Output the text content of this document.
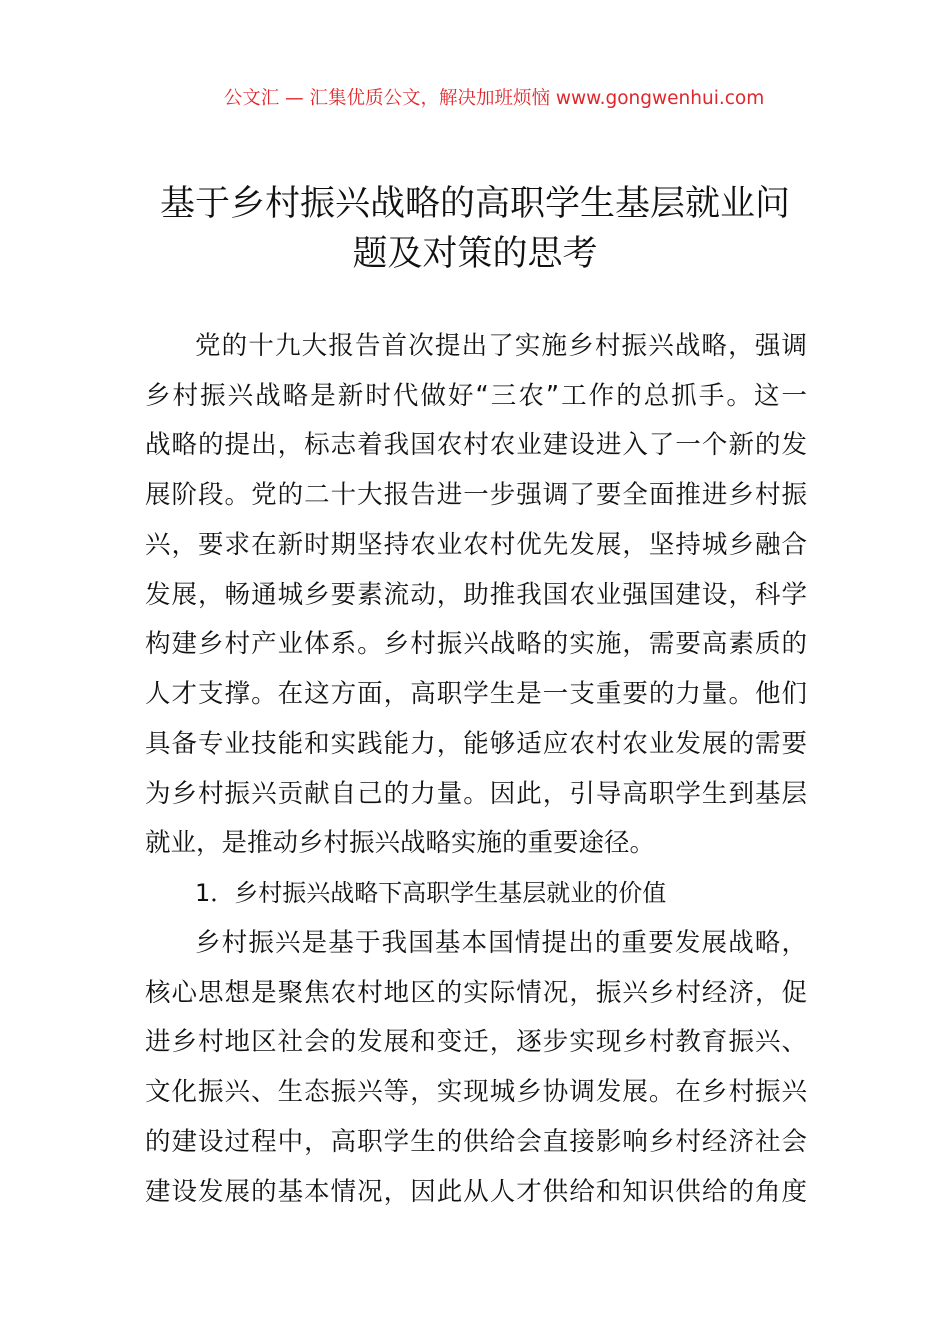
公文汇 — 汇集优质公文，解决加班烦恼 www.gongwenhui.com
基于乡村振兴战略的高职学生基层就业问
题及对策的思考
党的十九大报告首次提出了实施乡村振兴战略，强调
乡村振兴战略是新时代做好“三农”工作的总抓手。这一
战略的提出，标志着我国农村农业建设进入了一个新的发
展阶段。党的二十大报告进一步强调了要全面推进乡村振
兴，要求在新时期坚持农业农村优先发展，坚持城乡融合
发展，畅通城乡要素流动，助推我国农业强国建设，科学
构建乡村产业体系。乡村振兴战略的实施，需要高素质的
人才支撑。在这方面，高职学生是一支重要的力量。他们
具备专业技能和实践能力，能够适应农村农业发展的需要
为乡村振兴贡献自己的力量。因此，引导高职学生到基层
就业，是推动乡村振兴战略实施的重要途径。
1．乡村振兴战略下高职学生基层就业的价值
乡村振兴是基于我国基本国情提出的重要发展战略，
核心思想是聚焦农村地区的实际情况，振兴乡村经济，促
进乡村地区社会的发展和变迁，逐步实现乡村教育振兴、
文化振兴、生态振兴等，实现城乡协调发展。在乡村振兴
的建设过程中，高职学生的供给会直接影响乡村经济社会
建设发展的基本情况，因此从人才供给和知识供给的角度
